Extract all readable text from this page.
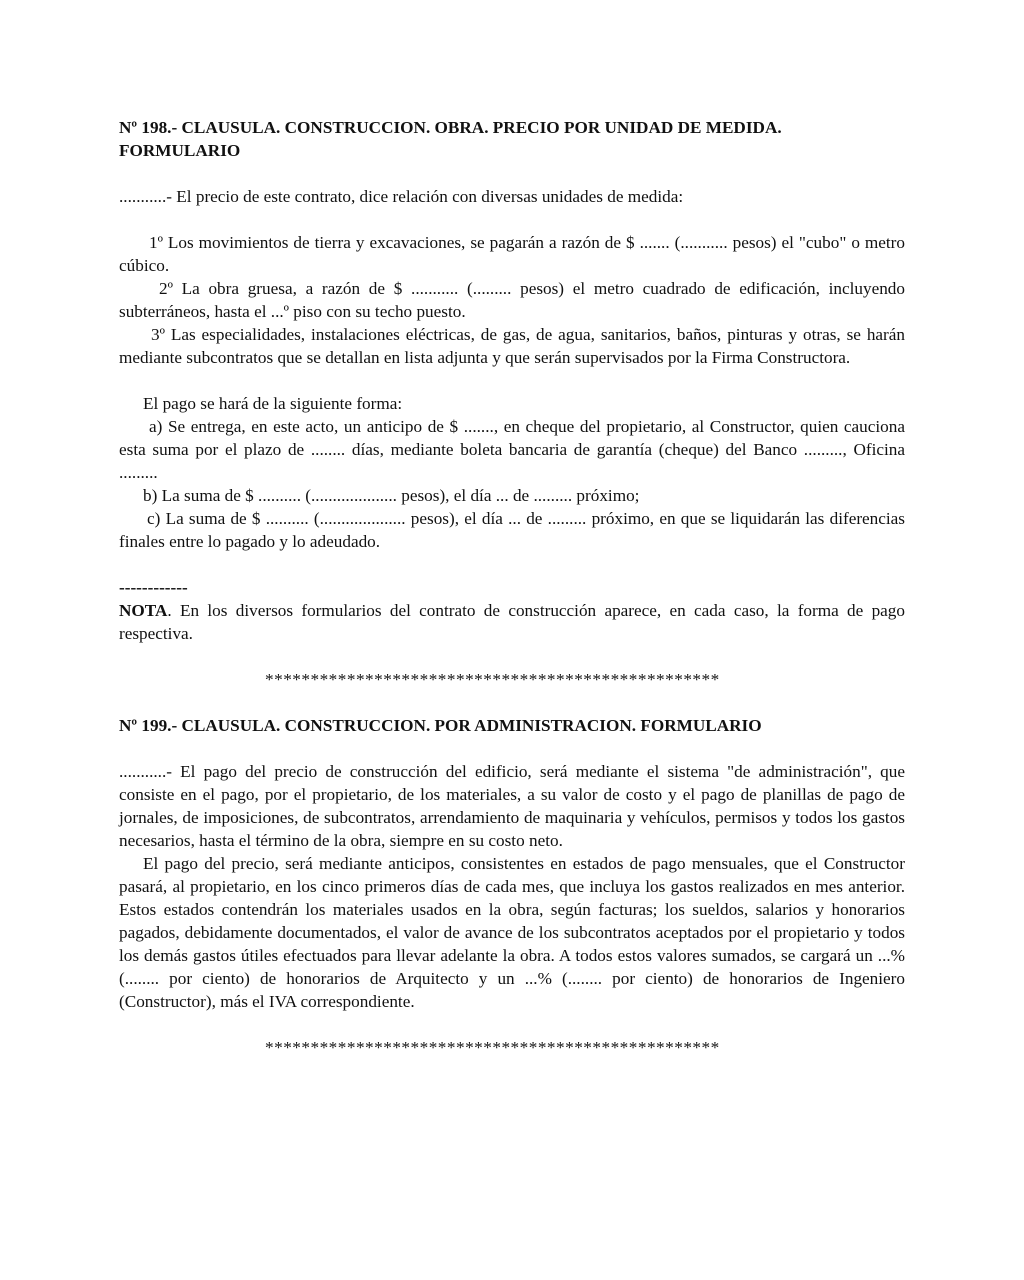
Nº 198.- CLAUSULA. CONSTRUCCION. OBRA. PRECIO POR UNIDAD DE MEDIDA. FORMULARIO

...........- El precio de este contrato, dice relación con diversas unidades de medida:

1º Los movimientos de tierra y excavaciones, se pagarán a razón de $ ....... (........... pesos) el "cubo" o metro cúbico.

2º La obra gruesa, a razón de $ ........... (......... pesos) el metro cuadrado de edificación, incluyendo subterráneos, hasta el ...º piso con su techo puesto.

3º Las especialidades, instalaciones eléctricas, de gas, de agua, sanitarios, baños, pinturas y otras, se harán mediante subcontratos que se detallan en lista adjunta y que serán supervisados por la Firma Constructora.

El pago se hará de la siguiente forma:

a) Se entrega, en este acto, un anticipo de $ ......., en cheque del propietario, al Constructor, quien cauciona esta suma por el plazo de ........ días, mediante boleta bancaria de garantía (cheque) del Banco ........., Oficina .........

b) La suma de $ .......... (.................... pesos), el día ... de ......... próximo;

c) La suma de $ .......... (.................... pesos), el día ... de ......... próximo, en que se liquidarán las diferencias finales entre lo pagado y lo adeudado.

------------

NOTA. En los diversos formularios del contrato de construcción aparece, en cada caso, la forma de pago respectiva.

**************************************************

Nº 199.- CLAUSULA. CONSTRUCCION. POR ADMINISTRACION. FORMULARIO

...........- El pago del precio de construcción del edificio, será mediante el sistema "de administración", que consiste en el pago, por el propietario, de los materiales, a su valor de costo y el pago de planillas de pago de jornales, de imposiciones, de subcontratos, arrendamiento de maquinaria y vehículos, permisos y todos los gastos necesarios, hasta el término de la obra, siempre en su costo neto.

El pago del precio, será mediante anticipos, consistentes en estados de pago mensuales, que el Constructor pasará, al propietario, en los cinco primeros días de cada mes, que incluya los gastos realizados en mes anterior. Estos estados contendrán los materiales usados en la obra, según facturas; los sueldos, salarios y honorarios pagados, debidamente documentados, el valor de avance de los subcontratos aceptados por el propietario y todos los demás gastos útiles efectuados para llevar adelante la obra. A todos estos valores sumados, se cargará un ...% (........ por ciento) de honorarios de Arquitecto y un ...% (........ por ciento) de honorarios de Ingeniero (Constructor), más el IVA correspondiente.

**************************************************
